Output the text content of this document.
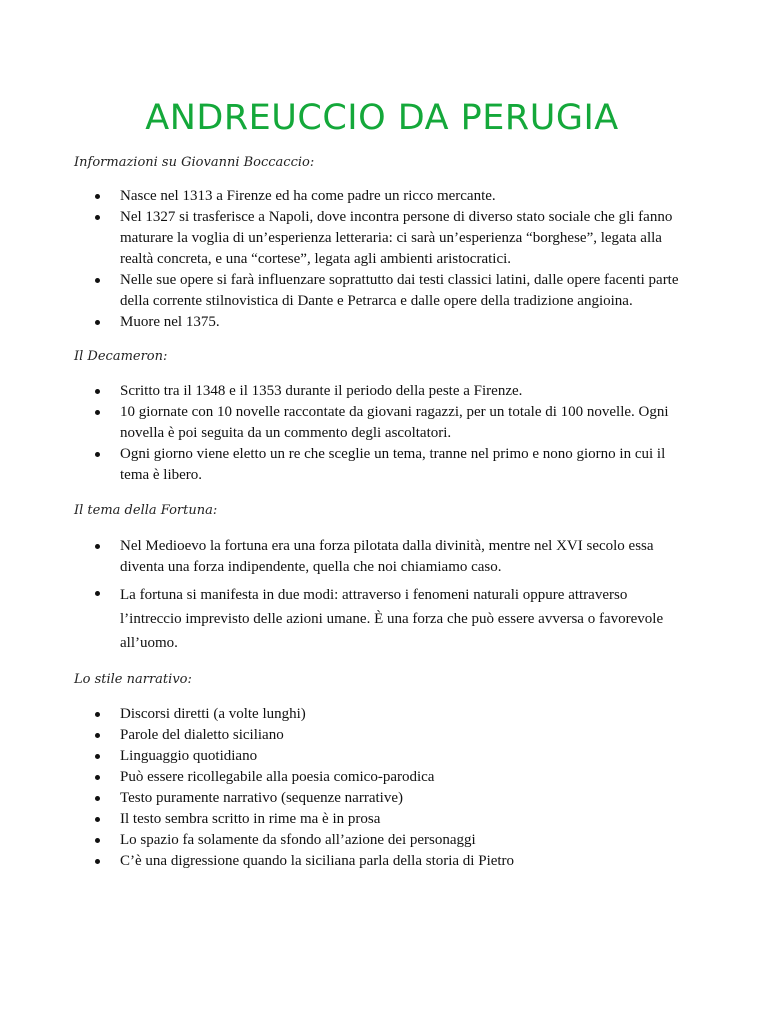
ANDREUCCIO DA PERUGIA

Informazioni su Giovanni Boccaccio:

Nasce nel 1313 a Firenze ed ha come padre un ricco mercante.
Nel 1327 si trasferisce a Napoli, dove incontra persone di diverso stato sociale che gli fanno maturare la voglia di un’esperienza letteraria: ci sarà un’esperienza “borghese”, legata alla realtà concreta, e una “cortese”, legata agli ambienti aristocratici.
Nelle sue opere si farà influenzare soprattutto dai testi classici latini, dalle opere facenti parte della corrente stilnovistica di Dante e Petrarca e dalle opere della tradizione angioina.
Muore nel 1375.

Il Decameron:

Scritto tra il 1348 e il 1353 durante il periodo della peste a Firenze.
10 giornate con 10 novelle raccontate da giovani ragazzi, per un totale di 100 novelle. Ogni novella è poi seguita da un commento degli ascoltatori.
Ogni giorno viene eletto un re che sceglie un tema, tranne nel primo e nono giorno in cui il tema è libero.

Il tema della Fortuna:

Nel Medioevo la fortuna era una forza pilotata dalla divinità, mentre nel XVI secolo essa diventa una forza indipendente, quella che noi chiamiamo caso.
La fortuna si manifesta in due modi: attraverso i fenomeni naturali oppure attraverso l’intreccio imprevisto delle azioni umane. È una forza che può essere avversa o favorevole all’uomo.

Lo stile narrativo:

Discorsi diretti (a volte lunghi)
Parole del dialetto siciliano
Linguaggio quotidiano
Può essere ricollegabile alla poesia comico-parodica
Testo puramente narrativo (sequenze narrative)
Il testo sembra scritto in rime ma è in prosa
Lo spazio fa solamente da sfondo all’azione dei personaggi
C’è una digressione quando la siciliana parla della storia di Pietro
